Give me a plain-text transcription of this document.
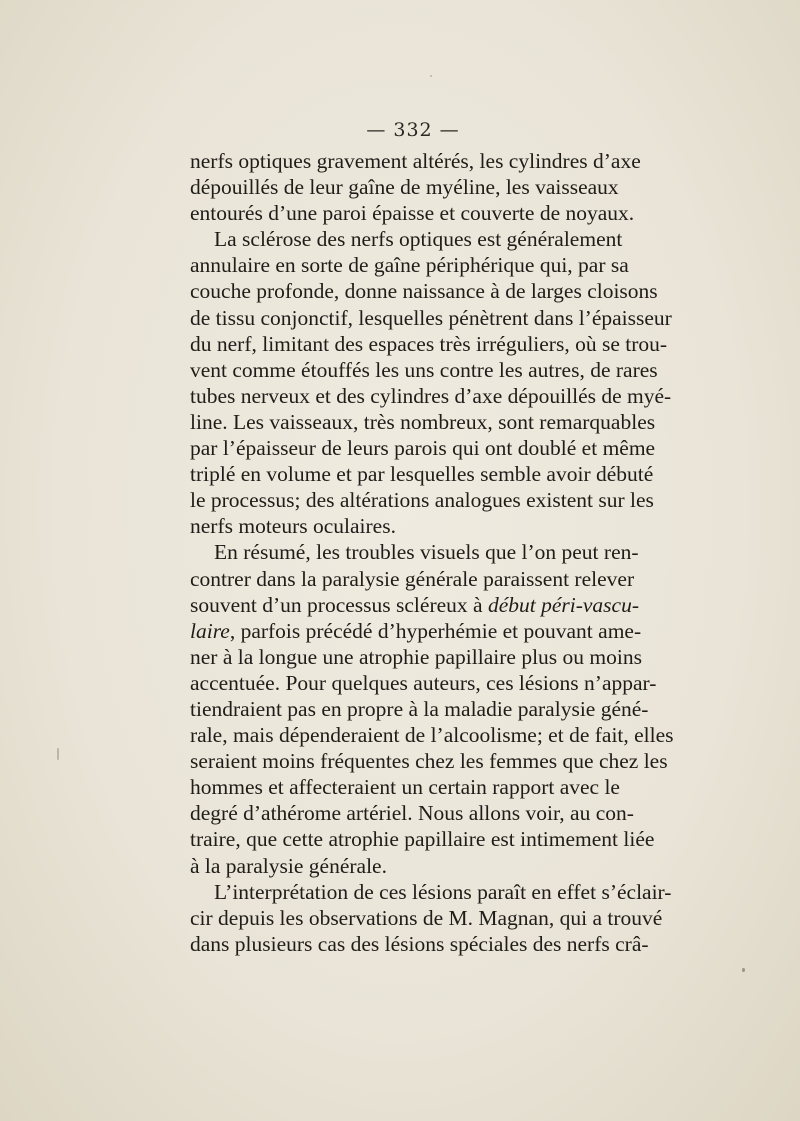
— 332 —
nerfs optiques gravement altérés, les cylindres d’axe
dépouillés de leur gaîne de myéline, les vaisseaux
entourés d’une paroi épaisse et couverte de noyaux.
La sclérose des nerfs optiques est généralement
annulaire en sorte de gaîne périphérique qui, par sa
couche profonde, donne naissance à de larges cloisons
de tissu conjonctif, lesquelles pénètrent dans l’épaisseur
du nerf, limitant des espaces très irréguliers, où se trou-
vent comme étouffés les uns contre les autres, de rares
tubes nerveux et des cylindres d’axe dépouillés de myé-
line. Les vaisseaux, très nombreux, sont remarquables
par l’épaisseur de leurs parois qui ont doublé et même
triplé en volume et par lesquelles semble avoir débuté
le processus; des altérations analogues existent sur les
nerfs moteurs oculaires.
En résumé, les troubles visuels que l’on peut ren-
contrer dans la paralysie générale paraissent relever
souvent d’un processus scléreux à début péri-vascu-
laire , parfois précédé d’hyperhémie et pouvant ame-
ner à la longue une atrophie papillaire plus ou moins
accentuée. Pour quelques auteurs, ces lésions n’appar-
tiendraient pas en propre à la maladie paralysie géné-
rale, mais dépenderaient de l’alcoolisme; et de fait, elles
seraient moins fréquentes chez les femmes que chez les
hommes et affecteraient un certain rapport avec le
degré d’athérome artériel. Nous allons voir, au con-
traire, que cette atrophie papillaire est intimement liée
à la paralysie générale.
L’interprétation de ces lésions paraît en effet s’éclair-
cir depuis les observations de M. Magnan, qui a trouvé
dans plusieurs cas des lésions spéciales des nerfs crâ-
